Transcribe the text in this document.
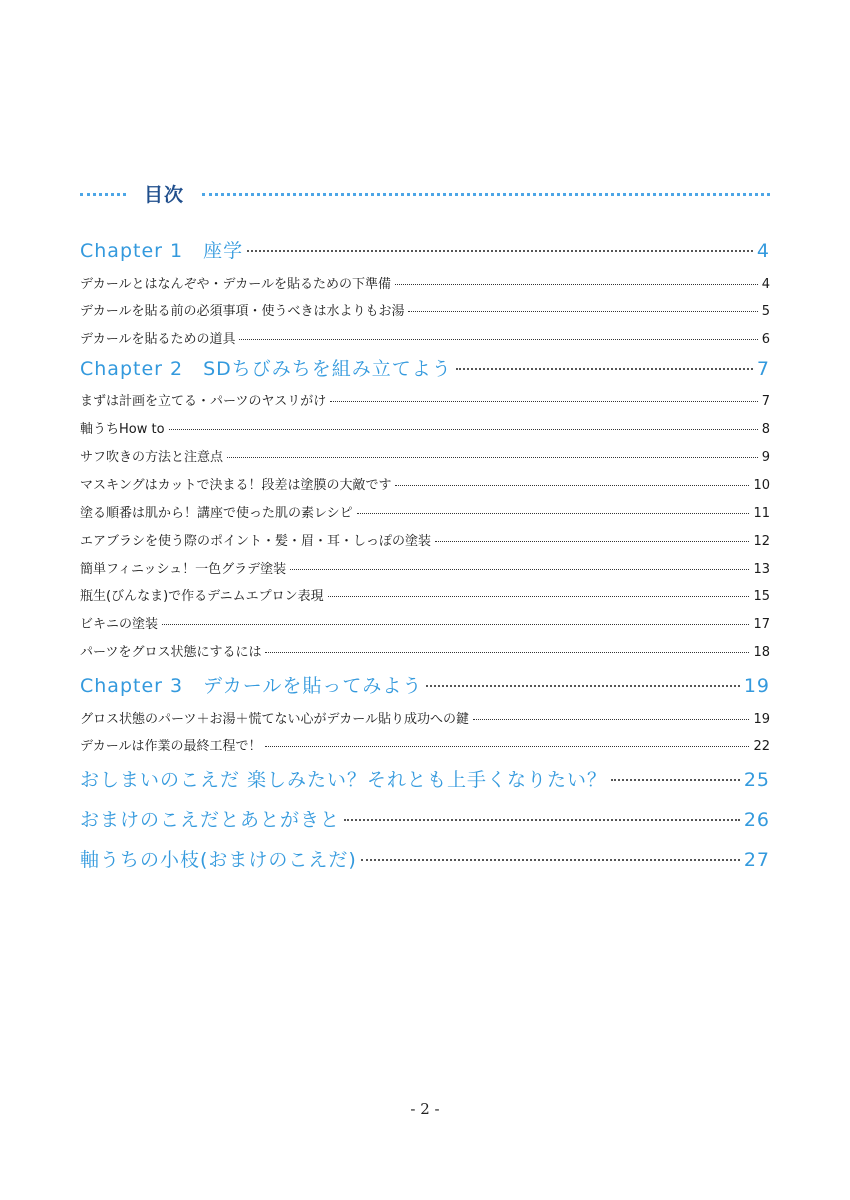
目次
Chapter 1　座学	4
デカールとはなんぞや・デカールを貼るための下準備	4
デカールを貼る前の必須事項・使うべきは水よりもお湯	5
デカールを貼るための道具	6
Chapter 2　SDちびみちを組み立てよう	7
まずは計画を立てる・パーツのヤスリがけ	7
軸うちHow to	8
サフ吹きの方法と注意点	9
マスキングはカットで決まる！段差は塗膜の大敵です	10
塗る順番は肌から！講座で使った肌の素レシピ	11
エアブラシを使う際のポイント・髪・眉・耳・しっぽの塗装	12
簡単フィニッシュ！一色グラデ塗装	13
瓶生(びんなま)で作るデニムエプロン表現	15
ビキニの塗装	17
パーツをグロス状態にするには	18
Chapter 3　デカールを貼ってみよう	19
グロス状態のパーツ＋お湯＋慌てない心がデカール貼り成功への鍵	19
デカールは作業の最終工程で！	22
おしまいのこえだ 楽しみたい？それとも上手くなりたい？	25
おまけのこえだとあとがきと	26
軸うちの小枝(おまけのこえだ)	27
- 2 -
